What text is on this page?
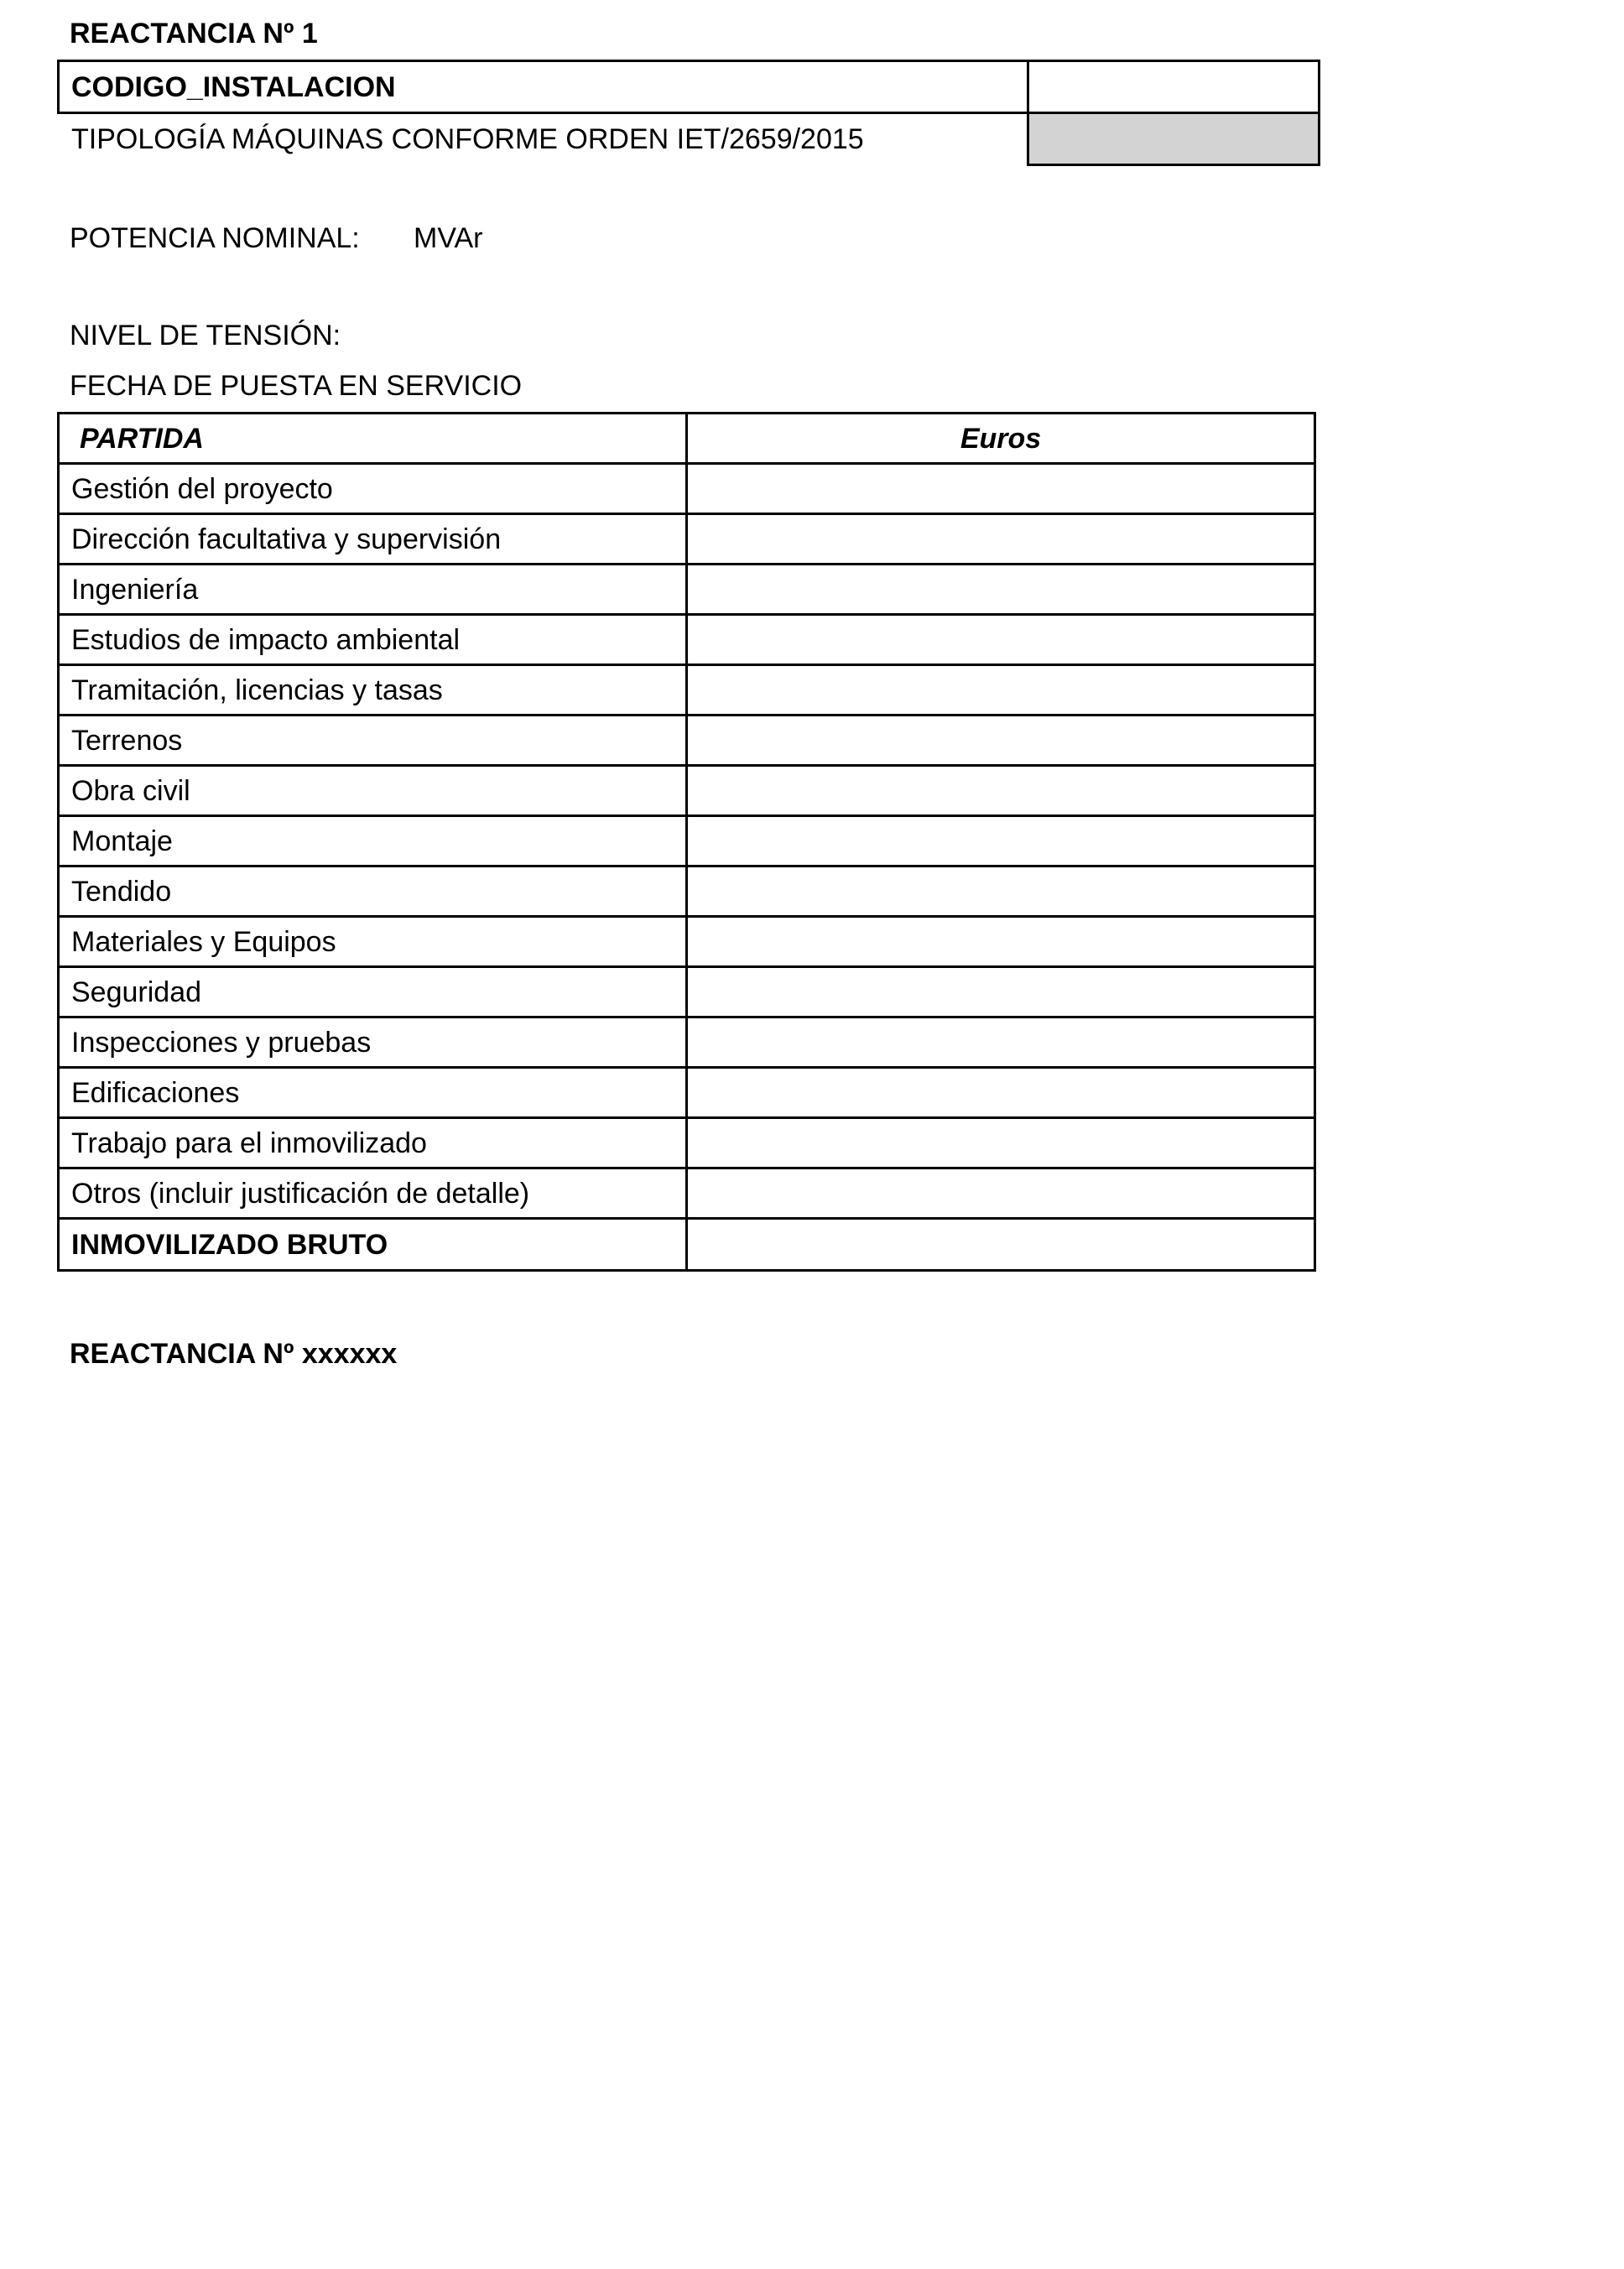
REACTANCIA Nº 1
CODIGO_INSTALACION	
TIPOLOGÍA MÁQUINAS CONFORME ORDEN IET/2659/2015	
POTENCIA NOMINAL: MVAr
NIVEL DE TENSIÓN:
FECHA DE PUESTA EN SERVICIO
PARTIDA	Euros
Gestión del proyecto	
Dirección facultativa y supervisión	
Ingeniería	
Estudios de impacto ambiental	
Tramitación, licencias y tasas	
Terrenos	
Obra civil	
Montaje	
Tendido	
Materiales y Equipos	
Seguridad	
Inspecciones y pruebas	
Edificaciones	
Trabajo para el inmovilizado	
Otros (incluir justificación de detalle)	
INMOVILIZADO BRUTO	
REACTANCIA Nº xxxxxx
